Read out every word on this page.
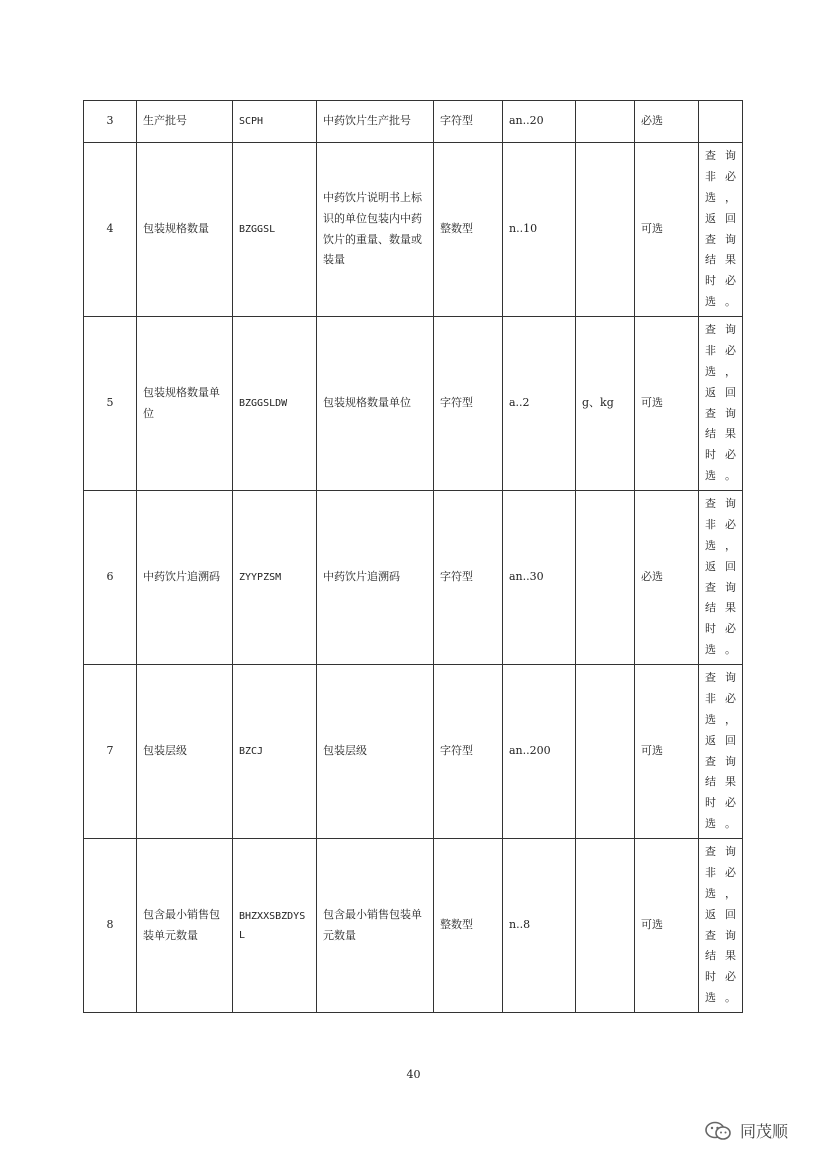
3	生产批号	SCPH	中药饮片生产批号	字符型	an..20		必选	
4	包装规格数量	BZGGSL	中药饮片说明书上标识的单位包装内中药饮片的重量、数量或装量	整数型	n..10		可选	查询非必选，返回查询结果时必选。
5	包装规格数量单位	BZGGSLDW	包装规格数量单位	字符型	a..2	g、kg	可选	查询非必选，返回查询结果时必选。
6	中药饮片追溯码	ZYYPZSM	中药饮片追溯码	字符型	an..30		必选	查询非必选，返回查询结果时必选。
7	包装层级	BZCJ	包装层级	字符型	an..200		可选	查询非必选，返回查询结果时必选。
8	包含最小销售包装单元数量	BHZXXSBZDYSL	包含最小销售包装单元数量	整数型	n..8		可选	查询非必选，返回查询结果时必选。
40
同茂顺
